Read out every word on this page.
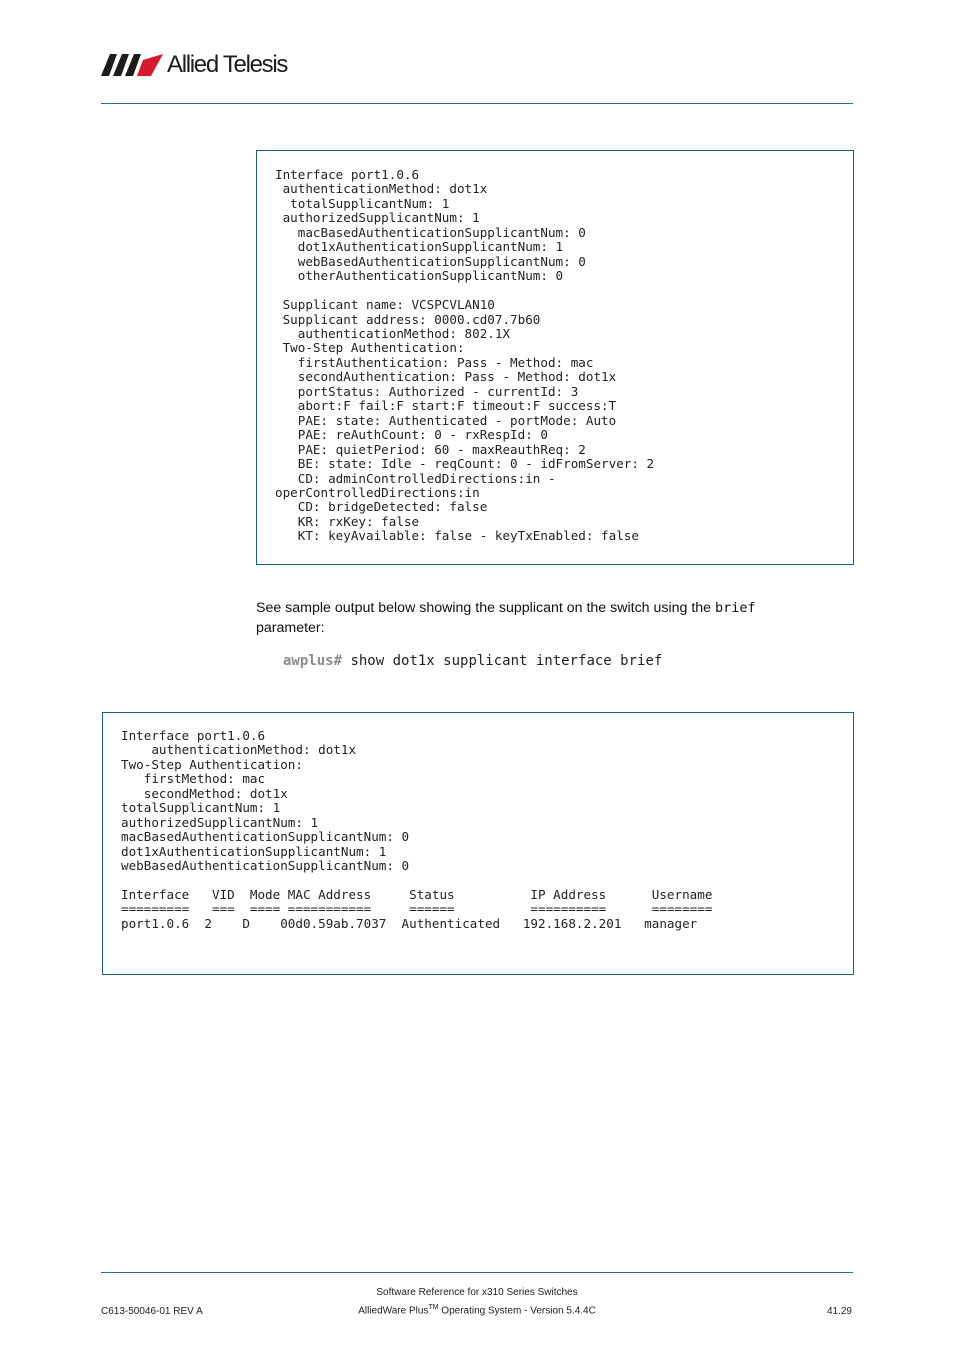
Allied Telesis
Interface port1.0.6
authenticationMethod: dot1x
totalSupplicantNum: 1
authorizedSupplicantNum: 1
macBasedAuthenticationSupplicantNum: 0
dot1xAuthenticationSupplicantNum: 1
webBasedAuthenticationSupplicantNum: 0
otherAuthenticationSupplicantNum: 0

Supplicant name: VCSPCVLAN10
Supplicant address: 0000.cd07.7b60
authenticationMethod: 802.1X
Two-Step Authentication:
firstAuthentication: Pass - Method: mac
secondAuthentication: Pass - Method: dot1x
portStatus: Authorized - currentId: 3
abort:F fail:F start:F timeout:F success:T
PAE: state: Authenticated - portMode: Auto
PAE: reAuthCount: 0 - rxRespId: 0
PAE: quietPeriod: 60 - maxReauthReq: 2
BE: state: Idle - reqCount: 0 - idFromServer: 2
CD: adminControlledDirections:in -
operControlledDirections:in
CD: bridgeDetected: false
KR: rxKey: false
KT: keyAvailable: false - keyTxEnabled: false
See sample output below showing the supplicant on the switch using the brief
parameter:
awplus# show dot1x supplicant interface brief
Interface port1.0.6
authenticationMethod: dot1x
Two-Step Authentication:
firstMethod: mac
secondMethod: dot1x
totalSupplicantNum: 1
authorizedSupplicantNum: 1
macBasedAuthenticationSupplicantNum: 0
dot1xAuthenticationSupplicantNum: 1
webBasedAuthenticationSupplicantNum: 0

Interface   VID  Mode MAC Address     Status          IP Address      Username
=========   ===  ==== ===========     ======          ==========      ========
port1.0.6  2    D    00d0.59ab.7037  Authenticated   192.168.2.201   manager
Software Reference for x310 Series Switches
AlliedWare Plus™ Operating System - Version 5.4.4C
C613-50046-01 REV A	41.29
